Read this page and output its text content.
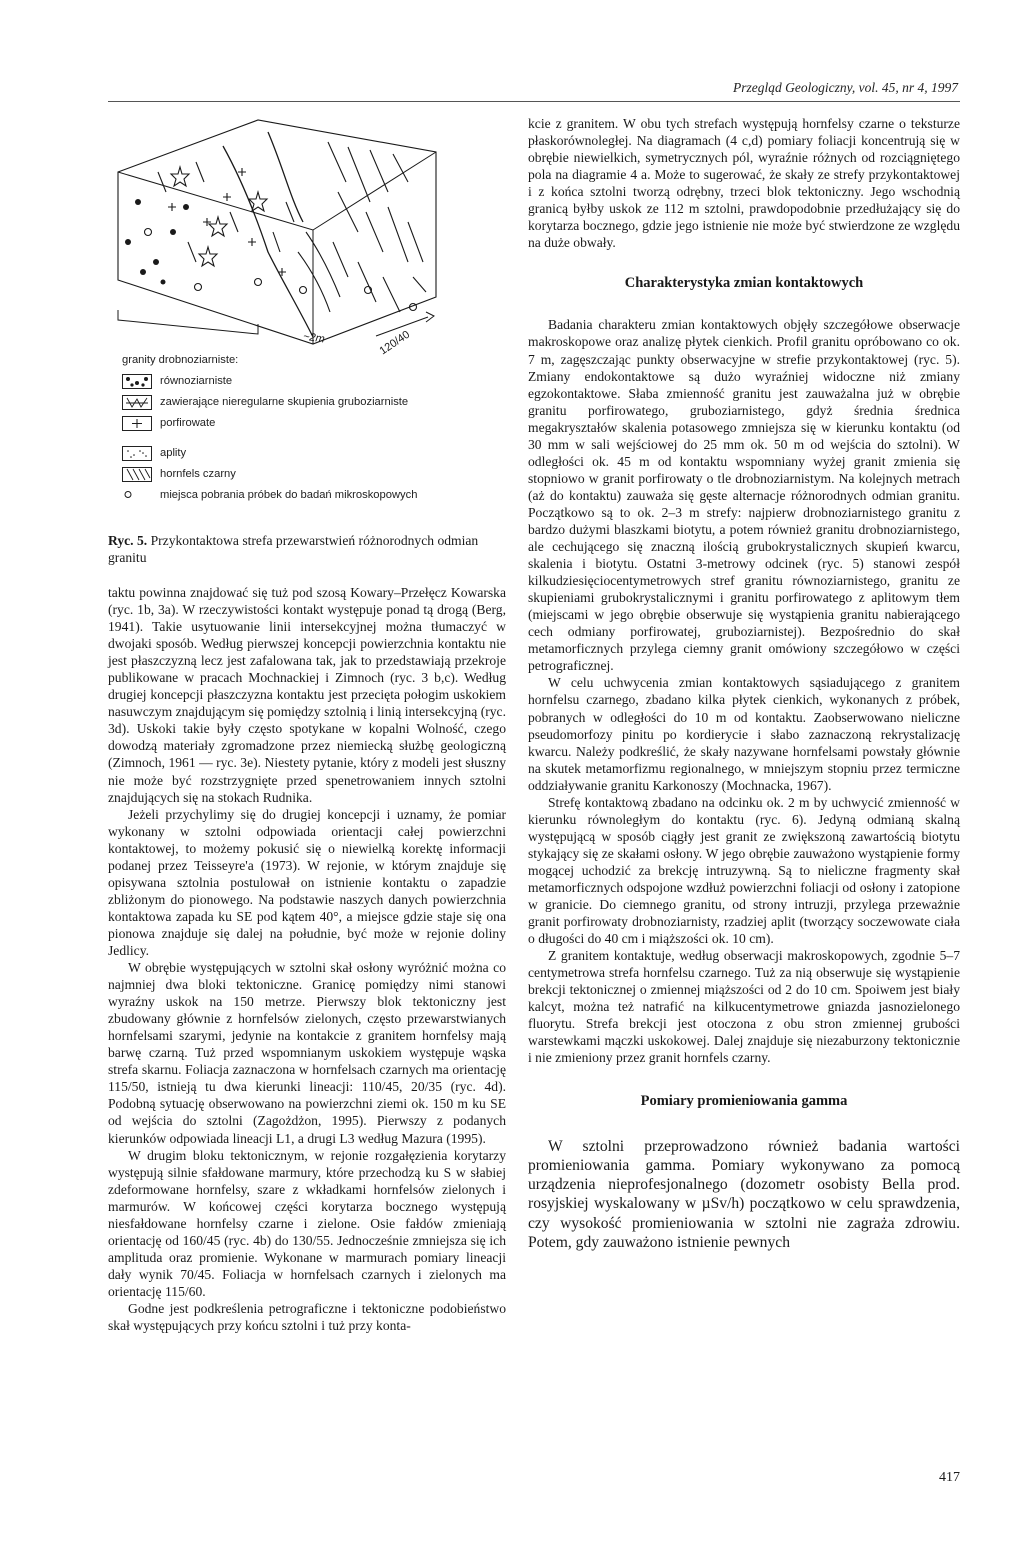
Przegląd Geologiczny, vol. 45, nr 4, 1997
~2m	120/40
granity drobnoziarniste:
równoziarniste
zawierające nieregularne skupienia gruboziarniste
porfirowate
aplity
hornfels czarny
miejsca pobrania próbek do badań mikroskopowych
Ryc. 5. Przykontaktowa strefa przewarstwień różnorodnych odmian granitu

taktu powinna znajdować się tuż pod szosą Kowary–Przełęcz Kowarska (ryc. 1b, 3a). W rzeczywistości kontakt występuje ponad tą drogą (Berg, 1941). Takie usytuowanie linii intersekcyjnej można tłumaczyć w dwojaki sposób. Według pierwszej koncepcji powierzchnia kontaktu nie jest płaszczyzną lecz jest zafalowana tak, jak to przedstawiają przekroje publikowane w pracach Mochnackiej i Zimnoch (ryc. 3 b,c). Według drugiej koncepcji płaszczyzna kontaktu jest przecięta połogim uskokiem nasuwczym znajdującym się pomiędzy sztolnią i linią intersekcyjną (ryc. 3d). Uskoki takie były często spotykane w kopalni Wolność, czego dowodzą materiały zgromadzone przez niemiecką służbę geologiczną (Zimnoch, 1961 — ryc. 3e). Niestety pytanie, który z modeli jest słuszny nie może być rozstrzygnięte przed spenetrowaniem innych sztolni znajdujących się na stokach Rudnika.

Jeżeli przychylimy się do drugiej koncepcji i uznamy, że pomiar wykonany w sztolni odpowiada orientacji całej powierzchni kontaktowej, to możemy pokusić się o niewielką korektę informacji podanej przez Teisseyre'a (1973). W rejonie, w którym znajduje się opisywana sztolnia postulował on istnienie kontaktu o zapadzie zbliżonym do pionowego. Na podstawie naszych danych powierzchnia kontaktowa zapada ku SE pod kątem 40°, a miejsce gdzie staje się ona pionowa znajduje się dalej na południe, być może w rejonie doliny Jedlicy.

W obrębie występujących w sztolni skał osłony wyróżnić można co najmniej dwa bloki tektoniczne. Granicę pomiędzy nimi stanowi wyraźny uskok na 150 metrze. Pierwszy blok tektoniczny jest zbudowany głównie z hornfelsów zielonych, często przewarstwianych hornfelsami szarymi, jedynie na kontakcie z granitem hornfelsy mają barwę czarną. Tuż przed wspomnianym uskokiem występuje wąska strefa skarnu. Foliacja zaznaczona w hornfelsach czarnych ma orientację 115/50, istnieją tu dwa kierunki lineacji: 110/45, 20/35 (ryc. 4d). Podobną sytuację obserwowano na powierzchni ziemi ok. 150 m ku SE od wejścia do sztolni (Zagożdżon, 1995). Pierwszy z podanych kierunków odpowiada lineacji L1, a drugi L3 według Mazura (1995).

W drugim bloku tektonicznym, w rejonie rozgałęzienia korytarzy występują silnie sfałdowane marmury, które przechodzą ku S w słabiej zdeformowane hornfelsy, szare z wkładkami hornfelsów zielonych i marmurów. W końcowej części korytarza bocznego występują niesfałdowane hornfelsy czarne i zielone. Osie fałdów zmieniają orientację od 160/45 (ryc. 4b) do 130/55. Jednocześnie zmniejsza się ich amplituda oraz promienie. Wykonane w marmurach pomiary lineacji dały wynik 70/45. Foliacja w hornfelsach czarnych i zielonych ma orientację 115/60.

Godne jest podkreślenia petrograficzne i tektoniczne podobieństwo skał występujących przy końcu sztolni i tuż przy konta-

kcie z granitem. W obu tych strefach występują hornfelsy czarne o teksturze płaskorównoległej. Na diagramach (4 c,d) pomiary foliacji koncentrują się w obrębie niewielkich, symetrycznych pól, wyraźnie różnych od rozciągniętego pola na diagramie 4 a. Może to sugerować, że skały ze strefy przykontaktowej i z końca sztolni tworzą odrębny, trzeci blok tektoniczny. Jego wschodnią granicą byłby uskok ze 112 m sztolni, prawdopodobnie przedłużający się do korytarza bocznego, gdzie jego istnienie nie może być stwierdzone ze względu na duże obwały.

Charakterystyka zmian kontaktowych

Badania charakteru zmian kontaktowych objęły szczegółowe obserwacje makroskopowe oraz analizę płytek cienkich. Profil granitu opróbowano co ok. 7 m, zagęszczając punkty obserwacyjne w strefie przykontaktowej (ryc. 5). Zmiany endokontaktowe są dużo wyraźniej widoczne niż zmiany egzokontaktowe. Słaba zmienność granitu jest zauważalna już w obrębie granitu porfirowatego, gruboziarnistego, gdyż średnia średnica megakryształów skalenia potasowego zmniejsza się w kierunku kontaktu (od 30 mm w sali wejściowej do 25 mm ok. 50 m od wejścia do sztolni). W odległości ok. 45 m od kontaktu wspomniany wyżej granit zmienia się stopniowo w granit porfirowaty o tle drobnoziarnistym. Na kolejnych metrach (aż do kontaktu) zauważa się gęste alternacje różnorodnych odmian granitu. Początkowo są to ok. 2–3 m strefy: najpierw drobnoziarnistego granitu z bardzo dużymi blaszkami biotytu, a potem również granitu drobnoziarnistego, ale cechującego się znaczną ilością grubokrystalicznych skupień kwarcu, skalenia i biotytu. Ostatni 3-metrowy odcinek (ryc. 5) stanowi zespół kilkudziesięciocentymetrowych stref granitu równoziarnistego, granitu ze skupieniami grubokrystalicznymi i granitu porfirowatego z aplitowym tłem (miejscami w jego obrębie obserwuje się wystąpienia granitu nabierającego cech odmiany porfirowatej, gruboziarnistej). Bezpośrednio do skał metamorficznych przylega ciemny granit omówiony szczegółowo w części petrograficznej.

W celu uchwycenia zmian kontaktowych sąsiadującego z granitem hornfelsu czarnego, zbadano kilka płytek cienkich, wykonanych z próbek, pobranych w odległości do 10 m od kontaktu. Zaobserwowano nieliczne pseudomorfozy pinitu po kordierycie i słabo zaznaczoną rekrystalizację kwarcu. Należy podkreślić, że skały nazywane hornfelsami powstały głównie na skutek metamorfizmu regionalnego, w mniejszym stopniu przez termiczne oddziaływanie granitu Karkonoszy (Mochnacka, 1967).

Strefę kontaktową zbadano na odcinku ok. 2 m by uchwycić zmienność w kierunku równoległym do kontaktu (ryc. 6). Jedyną odmianą skalną występującą w sposób ciągły jest granit ze zwiększoną zawartością biotytu stykający się ze skałami osłony. W jego obrębie zauważono wystąpienie formy mogącej uchodzić za brekcję intruzywną. Są to nieliczne fragmenty skał metamorficznych odspojone wzdłuż powierzchni foliacji od osłony i zatopione w granicie. Do ciemnego granitu, od strony intruzji, przylega przeważnie granit porfirowaty drobnoziarnisty, rzadziej aplit (tworzący soczewowate ciała o długości do 40 cm i miąższości ok. 10 cm).

Z granitem kontaktuje, według obserwacji makroskopowych, zgodnie 5–7 centymetrowa strefa hornfelsu czarnego. Tuż za nią obserwuje się wystąpienie brekcji tektonicznej o zmiennej miąższości od 2 do 10 cm. Spoiwem jest biały kalcyt, można też natrafić na kilkucentymetrowe gniazda jasnozielonego fluorytu. Strefa brekcji jest otoczona z obu stron zmiennej grubości warstewkami mączki uskokowej. Dalej znajduje się niezaburzony tektonicznie i nie zmieniony przez granit hornfels czarny.

Pomiary promieniowania gamma

W sztolni przeprowadzono również badania wartości promieniowania gamma. Pomiary wykonywano za pomocą urządzenia nieprofesjonalnego (dozometr osobisty Bella prod. rosyjskiej wyskalowany w µSv/h) początkowo w celu sprawdzenia, czy wysokość promieniowania w sztolni nie zagraża zdrowiu. Potem, gdy zauważono istnienie pewnych

417
